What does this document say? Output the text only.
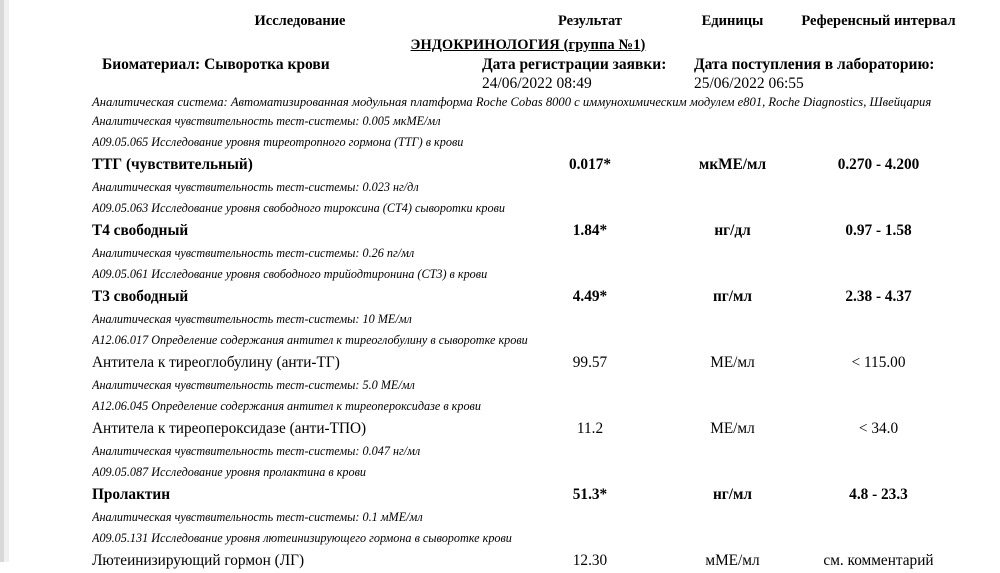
Исследование	Результат	Единицы	Референсный интервал
ЭНДОКРИНОЛОГИЯ (группа №1)			

Биоматериал: Сыворотка крови Дата регистрации заявки:
24/06/2022 08:49
Дата поступления в лабораторию:
25/06/2022 06:55			

Аналитическая система: Автоматизированная модульная платформа Roche Cobas 8000 с иммунохимическим модулем e801, Roche Diagnostics, Швейцария			
Аналитическая чувствительность тест-системы: 0.005 мкМЕ/мл			
А09.05.065 Исследование уровня тиреотропного гормона (ТТГ) в крови			
ТТГ (чувствительный)	0.017*	мкМЕ/мл	0.270 - 4.200
Аналитическая чувствительность тест-системы: 0.023 нг/дл			
А09.05.063 Исследование уровня свободного тироксина (СТ4) сыворотки крови			
Т4 свободный	1.84*	нг/дл	0.97 - 1.58
Аналитическая чувствительность тест-системы: 0.26 пг/мл			
А09.05.061 Исследование уровня свободного трийодтиронина (СТ3) в крови			
Т3 свободный	4.49*	пг/мл	2.38 - 4.37
Аналитическая чувствительность тест-системы: 10 МЕ/мл			
А12.06.017 Определение содержания антител к тиреоглобулину в сыворотке крови			
Антитела к тиреоглобулину (анти-ТГ)	99.57	МЕ/мл	< 115.00
Аналитическая чувствительность тест-системы: 5.0 МЕ/мл			
А12.06.045 Определение содержания антител к тиреопероксидазе в крови			
Антитела к тиреопероксидазе (анти-ТПО)	11.2	МЕ/мл	< 34.0
Аналитическая чувствительность тест-системы: 0.047 нг/мл			
А09.05.087 Исследование уровня пролактина в крови			
Пролактин	51.3*	нг/мл	4.8 - 23.3
Аналитическая чувствительность тест-системы: 0.1 мМЕ/мл			
А09.05.131 Исследование уровня лютеинизирующего гормона в сыворотке крови			
Лютеинизирующий гормон (ЛГ)	12.30	мМЕ/мл	см. комментарий
